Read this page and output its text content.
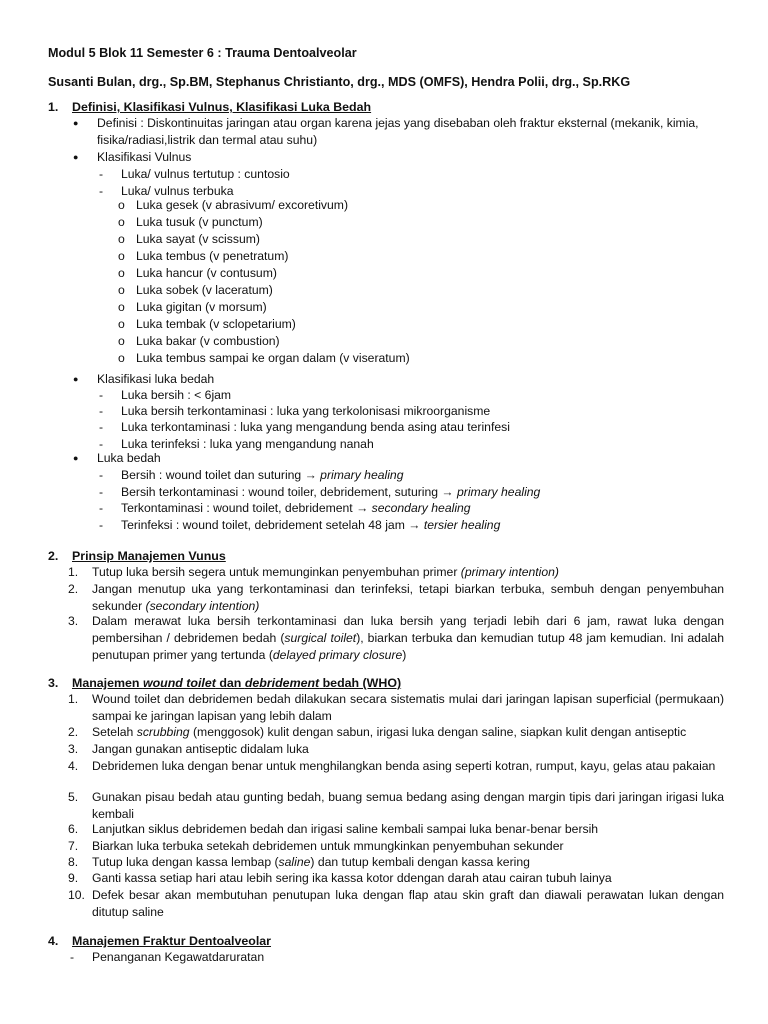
Modul 5 Blok 11 Semester 6 : Trauma Dentoalveolar
Susanti Bulan, drg., Sp.BM, Stephanus Christianto, drg., MDS (OMFS), Hendra Polii, drg., Sp.RKG
1. Definisi, Klasifikasi Vulnus, Klasifikasi Luka Bedah
● Definisi : Diskontinuitas jaringan atau organ karena jejas yang disebaban oleh fraktur eksternal (mekanik, kimia, fisika/radiasi,listrik dan termal atau suhu)
● Klasifikasi Vulnus
- Luka/ vulnus tertutup : cuntosio
- Luka/ vulnus terbuka
o Luka gesek (v abrasivum/ excoretivum)
o Luka tusuk (v punctum)
o Luka sayat (v scissum)
o Luka tembus (v penetratum)
o Luka hancur (v contusum)
o Luka sobek (v laceratum)
o Luka gigitan (v morsum)
o Luka tembak (v sclopetarium)
o Luka bakar (v combustion)
o Luka tembus sampai ke organ dalam (v viseratum)
● Klasifikasi luka bedah
- Luka bersih : < 6jam
- Luka bersih terkontaminasi : luka yang terkolonisasi mikroorganisme
- Luka terkontaminasi : luka yang mengandung benda asing atau terinfesi
- Luka terinfeksi : luka yang mengandung nanah
● Luka bedah
- Bersih : wound toilet dan suturing → primary healing
- Bersih terkontaminasi : wound toiler, debridement, suturing → primary healing
- Terkontaminasi : wound toilet, debridement → secondary healing
- Terinfeksi : wound toilet, debridement setelah 48 jam → tersier healing
2. Prinsip Manajemen Vunus
1. Tutup luka bersih segera untuk memunginkan penyembuhan primer (primary intention)
2. Jangan menutup uka yang terkontaminasi dan terinfeksi, tetapi biarkan terbuka, sembuh dengan penyembuhan sekunder (secondary intention)
3. Dalam merawat luka bersih terkontaminasi dan luka bersih yang terjadi lebih dari 6 jam, rawat luka dengan pembersihan / debridemen bedah (surgical toilet), biarkan terbuka dan kemudian tutup 48 jam kemudian. Ini adalah penutupan primer yang tertunda (delayed primary closure)
3. Manajemen wound toilet dan debridement bedah (WHO)
1. Wound toilet dan debridemen bedah dilakukan secara sistematis mulai dari jaringan lapisan superficial (permukaan) sampai ke jaringan lapisan yang lebih dalam
2. Setelah scrubbing (menggosok) kulit dengan sabun, irigasi luka dengan saline, siapkan kulit dengan antiseptic
3. Jangan gunakan antiseptic didalam luka
4. Debridemen luka dengan benar untuk menghilangkan benda asing seperti kotran, rumput, kayu, gelas atau pakaian
5. Gunakan pisau bedah atau gunting bedah, buang semua bedang asing dengan margin tipis dari jaringan irigasi luka kembali
6. Lanjutkan siklus debridemen bedah dan irigasi saline kembali sampai luka benar-benar bersih
7. Biarkan luka terbuka setekah debridemen untuk mmungkinkan penyembuhan sekunder
8. Tutup luka dengan kassa lembap (saline) dan tutup kembali dengan kassa kering
9. Ganti kassa setiap hari atau lebih sering ika kassa kotor ddengan darah atau cairan tubuh lainya
10. Defek besar akan membutuhan penutupan luka dengan flap atau skin graft dan diawali perawatan lukan dengan ditutup saline
4. Manajemen Fraktur Dentoalveolar
- Penanganan Kegawatdaruratan
